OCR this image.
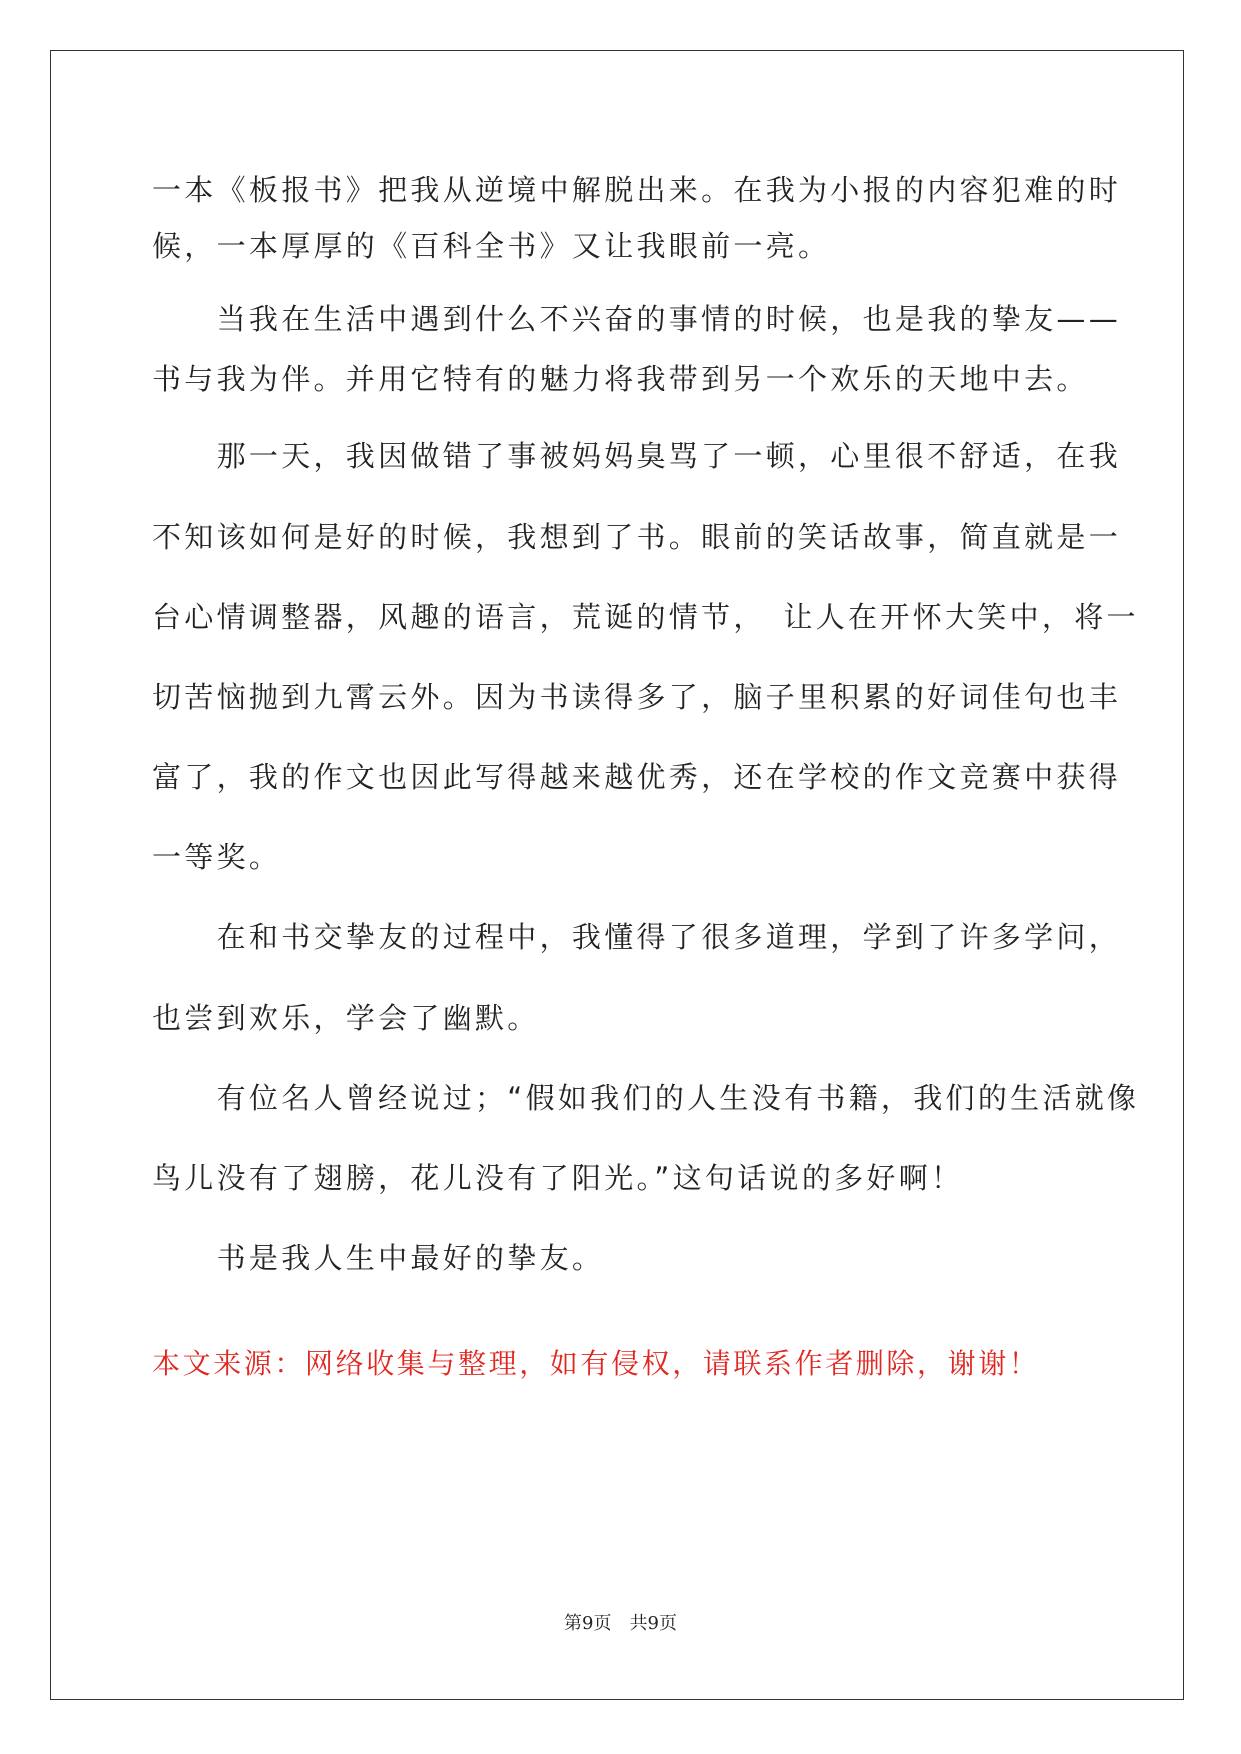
一本《板报书》把我从逆境中解脱出来。在我为小报的内容犯难的时
候，一本厚厚的《百科全书》又让我眼前一亮。
　　当我在生活中遇到什么不兴奋的事情的时候，也是我的挚友——
书与我为伴。并用它特有的魅力将我带到另一个欢乐的天地中去。
　　那一天，我因做错了事被妈妈臭骂了一顿，心里很不舒适，在我
不知该如何是好的时候，我想到了书。眼前的笑话故事，简直就是一
台心情调整器，风趣的语言，荒诞的情节，　让人在开怀大笑中，将一
切苦恼抛到九霄云外。因为书读得多了，脑子里积累的好词佳句也丰
富了，我的作文也因此写得越来越优秀，还在学校的作文竞赛中获得
一等奖。
　　在和书交挚友的过程中，我懂得了很多道理，学到了许多学问，
也尝到欢乐，学会了幽默。
　　有位名人曾经说过；“假如我们的人生没有书籍，我们的生活就像
鸟儿没有了翅膀，花儿没有了阳光。”这句话说的多好啊！
　　书是我人生中最好的挚友。
本文来源：网络收集与整理，如有侵权，请联系作者删除，谢谢！
第9页　共9页
